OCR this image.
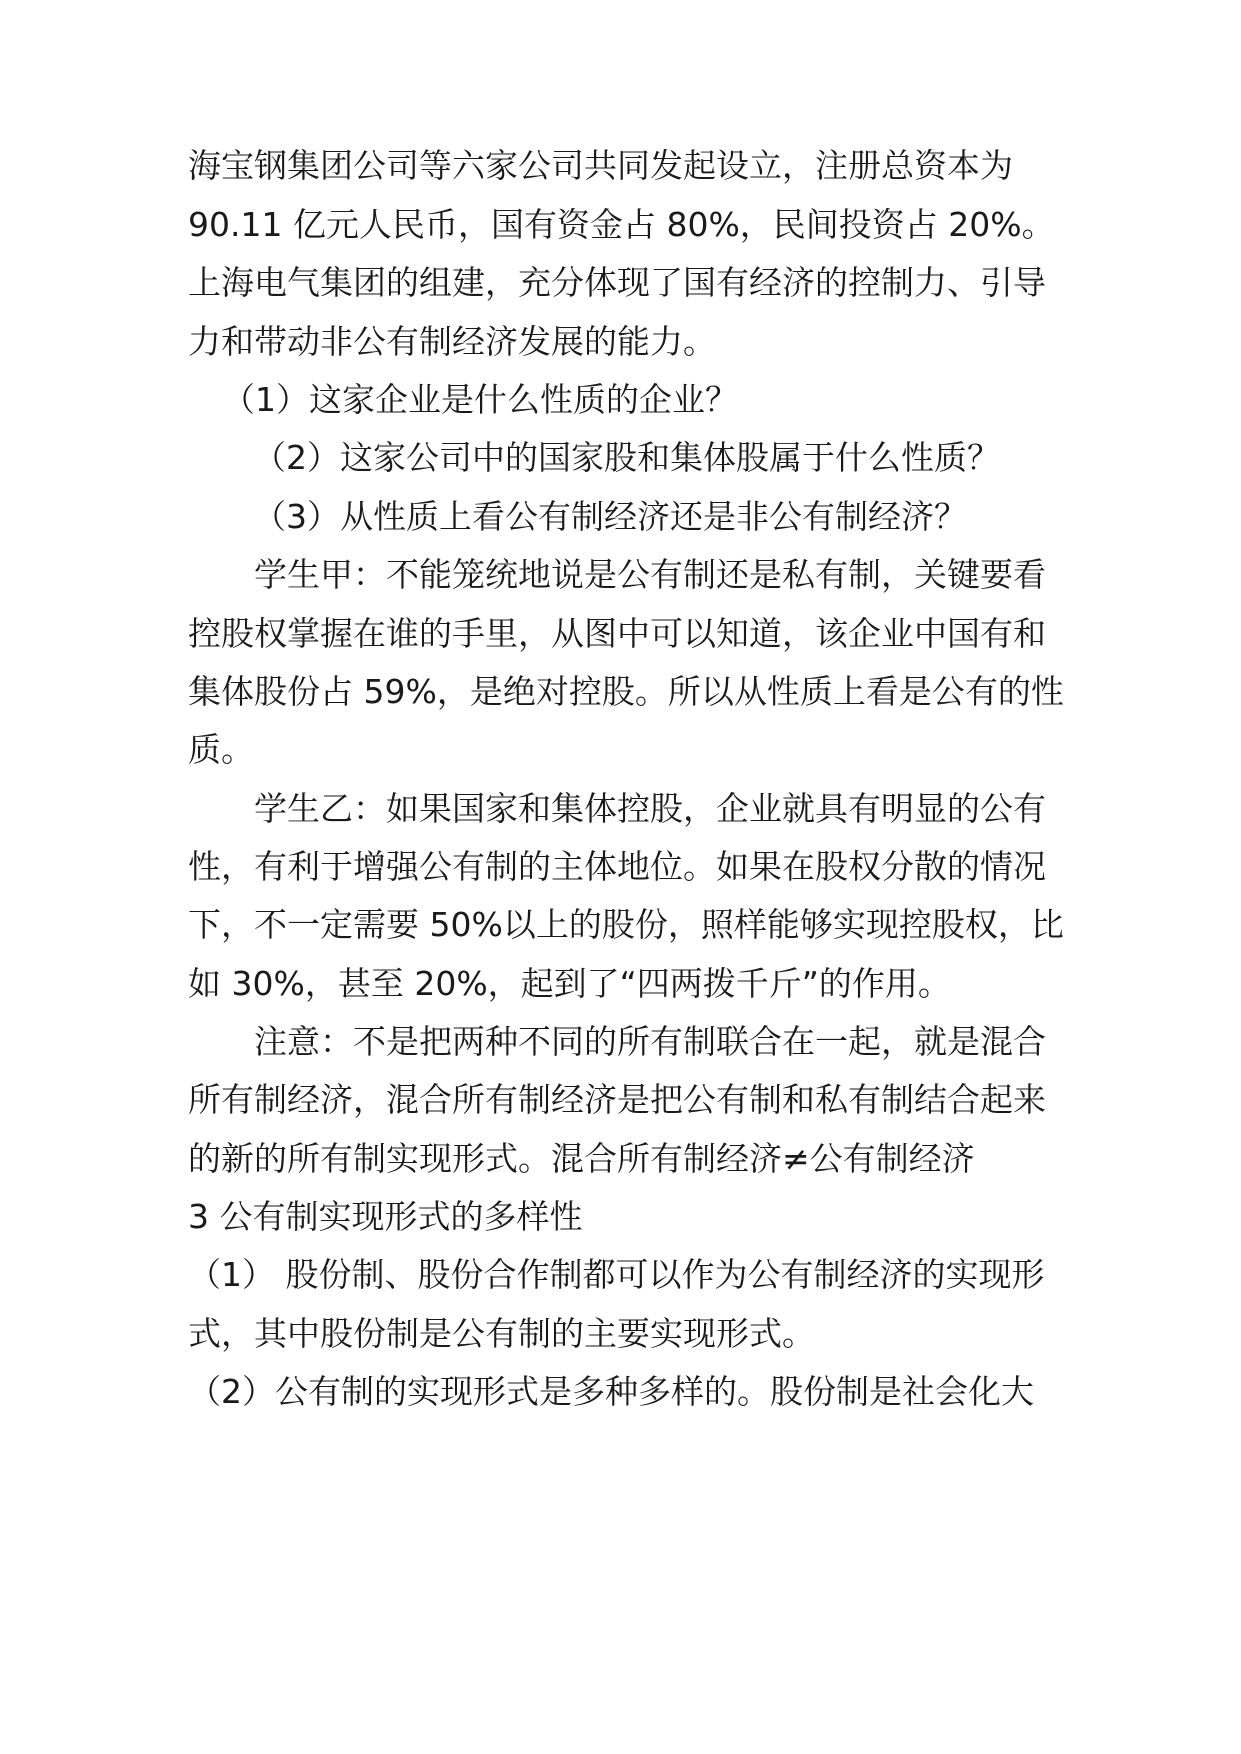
海宝钢集团公司等六家公司共同发起设立，注册总资本为
90.11 亿元人民币，国有资金占 80%，民间投资占 20%。
上海电气集团的组建，充分体现了国有经济的控制力、引导
力和带动非公有制经济发展的能力。
（1）这家企业是什么性质的企业？
（2）这家公司中的国家股和集体股属于什么性质？
（3）从性质上看公有制经济还是非公有制经济？
学生甲：不能笼统地说是公有制还是私有制，关键要看
控股权掌握在谁的手里，从图中可以知道，该企业中国有和
集体股份占 59%，是绝对控股。所以从性质上看是公有的性
质。
学生乙：如果国家和集体控股，企业就具有明显的公有
性，有利于增强公有制的主体地位。如果在股权分散的情况
下，不一定需要 50%以上的股份，照样能够实现控股权，比
如 30%，甚至 20%，起到了“四两拨千斤”的作用。
注意：不是把两种不同的所有制联合在一起，就是混合
所有制经济，混合所有制经济是把公有制和私有制结合起来
的新的所有制实现形式。混合所有制经济≠公有制经济
3 公有制实现形式的多样性
（1） 股份制、股份合作制都可以作为公有制经济的实现形
式，其中股份制是公有制的主要实现形式。
（2）公有制的实现形式是多种多样的。股份制是社会化大
